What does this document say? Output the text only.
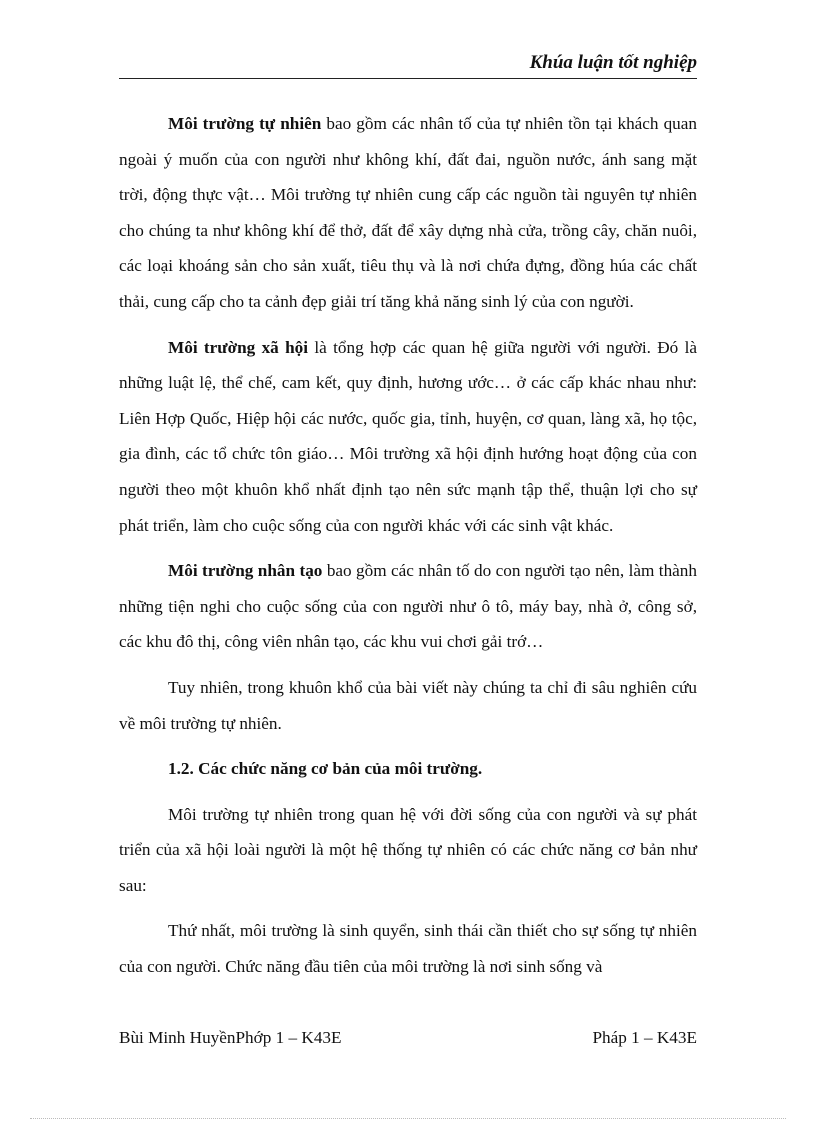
Khúa luận tốt nghiệp

Môi trường tự nhiên bao gồm các nhân tố của tự nhiên tồn tại khách quan ngoài ý muốn của con người như không khí, đất đai, nguồn nước, ánh sang mặt trời, động thực vật… Môi trường tự nhiên cung cấp các nguồn tài nguyên tự nhiên cho chúng ta như không khí để thở, đất để xây dựng nhà cửa, trồng cây, chăn nuôi, các loại khoáng sản cho sản xuất, tiêu thụ và là nơi chứa đựng, đồng húa các chất thải, cung cấp cho ta cảnh đẹp giải trí tăng khả năng sinh lý của con người.

Môi trường xã hội là tổng hợp các quan hệ giữa người với người. Đó là những luật lệ, thể chế, cam kết, quy định, hương ước… ở các cấp khác nhau như: Liên Hợp Quốc, Hiệp hội các nước, quốc gia, tỉnh, huyện, cơ quan, làng xã, họ tộc, gia đình, các tổ chức tôn giáo… Môi trường xã hội định hướng hoạt động của con người theo một khuôn khổ nhất định tạo nên sức mạnh tập thể, thuận lợi cho sự phát triển, làm cho cuộc sống của con người khác với các sinh vật khác.

Môi trường nhân tạo bao gồm các nhân tố do con người tạo nên, làm thành những tiện nghi cho cuộc sống của con người như ô tô, máy bay, nhà ở, công sở, các khu đô thị, công viên nhân tạo, các khu vui chơi gải trớ…

Tuy nhiên, trong khuôn khổ của bài viết này chúng ta chỉ đi sâu nghiên cứu về môi trường tự nhiên.

1.2. Các chức năng cơ bản của môi trường.

Môi trường tự nhiên trong quan hệ với đời sống của con người và sự phát triển của xã hội loài người là một hệ thống tự nhiên có các chức năng cơ bản như sau:

Thứ nhất, môi trường là sinh quyển, sinh thái cần thiết cho sự sống tự nhiên của con người. Chức năng đầu tiên của môi trường là nơi sinh sống và

Bùi Minh HuyềnPhớp 1 – K43E	Pháp 1 – K43E
